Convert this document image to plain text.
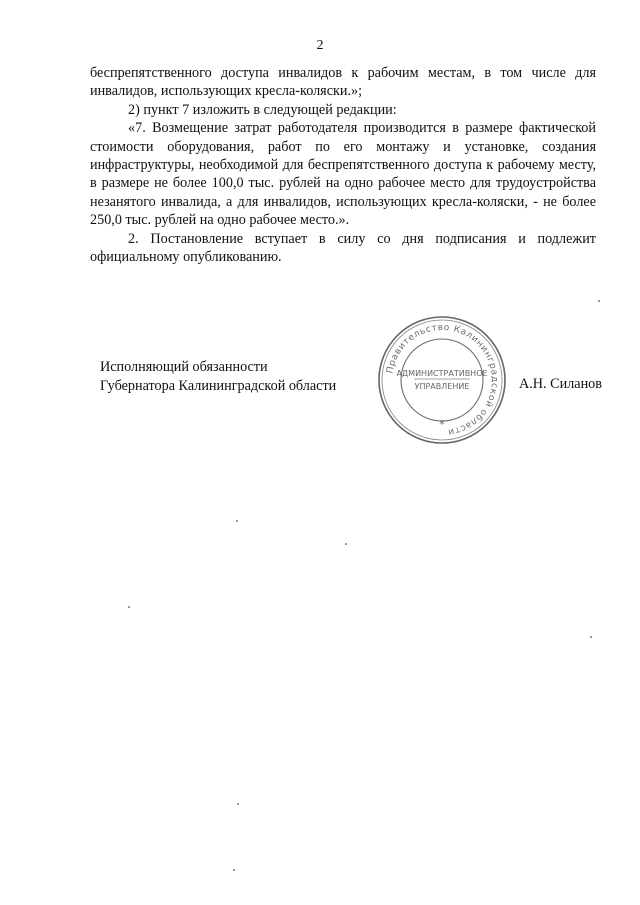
2

беспрепятственного доступа инвалидов к рабочим местам, в том числе для инвалидов, использующих кресла-коляски.»;

2) пункт 7 изложить в следующей редакции:

«7. Возмещение затрат работодателя производится в размере фактической стоимости оборудования, работ по его монтажу и установке, создания инфраструктуры, необходимой для беспрепятственного доступа к рабочему месту, в размере не более 100,0 тыс. рублей на одно рабочее место для трудоустройства незанятого инвалида, а для инвалидов, использующих кресла-коляски, - не более 250,0 тыс. рублей на одно рабочее место.».

2. Постановление вступает в силу со дня подписания и подлежит официальному опубликованию.

Исполняющий обязанности
Губернатора Калининградской области	А.Н. Силанов
Правительство Калининградской области
АДМИНИСТРАТИВНОЕ
УПРАВЛЕНИЕ
*
